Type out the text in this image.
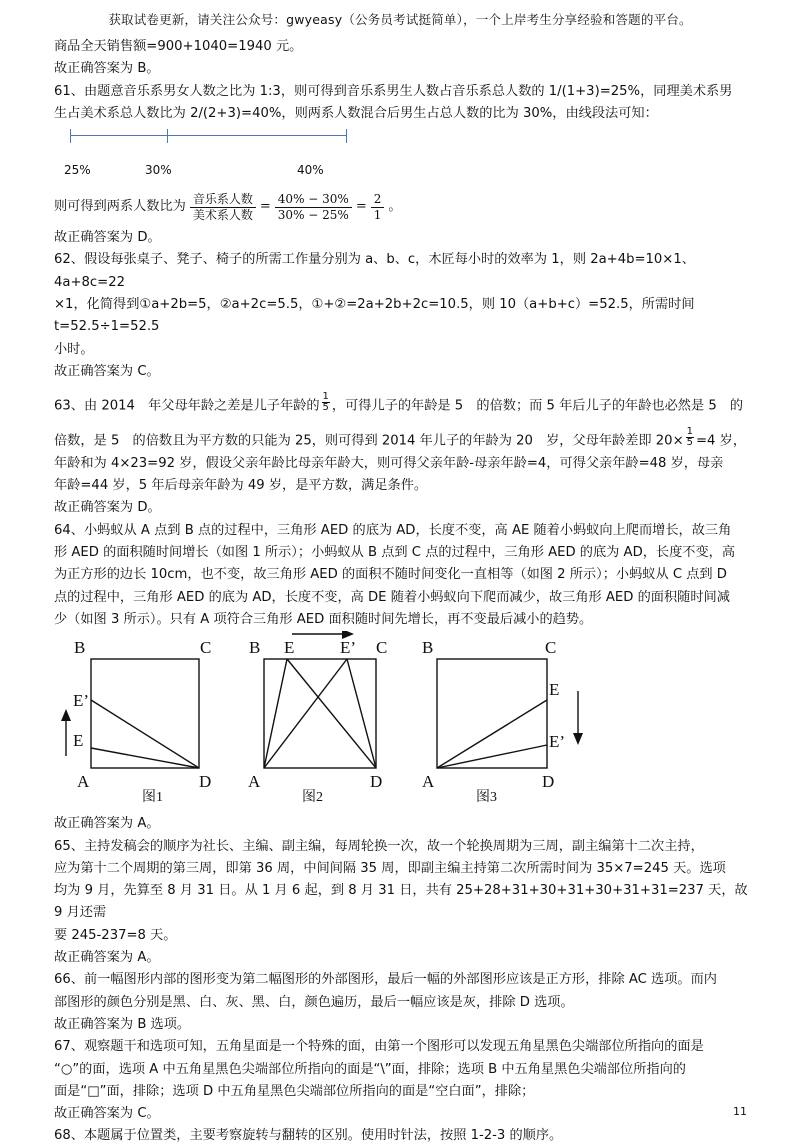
获取试卷更新，请关注公众号：gwyeasy（公务员考试挺简单），一个上岸考生分享经验和答题的平台。

商品全天销售额=900+1040=1940 元。

故正确答案为 B。

61、由题意音乐系男女人数之比为 1:3，则可得到音乐系男生人数占音乐系总人数的 1/(1+3)=25%，同理美术系男

生占美术系总人数比为 2/(2+3)=40%，则两系人数混合后男生占总人数的比为 30%，由线段法可知：

25%	30%	40%
则可得到两系人数比为 $\frac{\text{音乐系人数}}{\text{美术系人数}} = \frac{40\% - 30\%}{30\% - 25\%} = \frac{2}{1}$ 。

故正确答案为 D。

62、假设每张桌子、凳子、椅子的所需工作量分别为 a、b、c，木匠每小时的效率为 1，则 2a+4b=10×1、4a+8c=22

×1，化简得到①a+2b=5，②a+2c=5.5，①+②=2a+2b+2c=10.5，则 10（a+b+c）=52.5，所需时间 t=52.5÷1=52.5

小时。

故正确答案为 C。

63、由 2014　年父母年龄之差是儿子年龄的 $\frac{1}{5}$ ，可得儿子的年龄是 5　的倍数；而 5 年后儿子的年龄也必然是 5　的

倍数，是 5　的倍数且为平方数的只能为 25，则可得到 2014 年儿子的年龄为 20　岁，父母年龄差即 $20\times \frac{1}{5} =4$ 岁，

年龄和为 4×23=92 岁，假设父亲年龄比母亲年龄大，则可得父亲年龄-母亲年龄=4，可得父亲年龄=48 岁，母亲

年龄=44 岁，5 年后母亲年龄为 49 岁，是平方数，满足条件。

故正确答案为 D。

64、小蚂蚁从 A 点到 B 点的过程中，三角形 AED 的底为 AD，长度不变，高 AE 随着小蚂蚁向上爬而增长，故三角

形 AED 的面积随时间增长（如图 1 所示）；小蚂蚁从 B 点到 C 点的过程中，三角形 AED 的底为 AD，长度不变，高

为正方形的边长 10cm，也不变，故三角形 AED 的面积不随时间变化一直相等（如图 2 所示）；小蚂蚁从 C 点到 D

点的过程中，三角形 AED 的底为 AD，长度不变，高 DE 随着小蚂蚁向下爬而减少，故三角形 AED 的面积随时间减

少（如图 3 所示）。只有 A 项符合三角形 AED 面积随时间先增长，再不变最后减小的趋势。

B	C
E’
E
A	D
图1
B E	E’ C
A	D
图2
B	C
E
E’
A	D
图3

故正确答案为 A。

65、主持发稿会的顺序为社长、主编、副主编，每周轮换一次，故一个轮换周期为三周，副主编第十二次主持，

应为第十二个周期的第三周，即第 36 周，中间间隔 35 周，即副主编主持第二次所需时间为 35×7=245 天。选项

均为 9 月，先算至 8 月 31 日。从 1 月 6 起，到 8 月 31 日，共有 25+28+31+30+31+30+31+31=237 天，故 9 月还需

要 245-237=8 天。

故正确答案为 A。

66、前一幅图形内部的图形变为第二幅图形的外部图形，最后一幅的外部图形应该是正方形，排除 AC 选项。而内

部图形的颜色分别是黑、白、灰、黑、白，颜色遍历，最后一幅应该是灰，排除 D 选项。

故正确答案为 B 选项。

67、观察题干和选项可知，五角星面是一个特殊的面，由第一个图形可以发现五角星黑色尖端部位所指向的面是

“○”的面，选项 A 中五角星黑色尖端部位所指向的面是“\”面，排除；选项 B 中五角星黑色尖端部位所指向的

面是“□”面，排除；选项 D 中五角星黑色尖端部位所指向的面是“空白面”，排除；

故正确答案为 C。

68、本题属于位置类，主要考察旋转与翻转的区别。使用时针法，按照 1-2-3 的顺序。

11
